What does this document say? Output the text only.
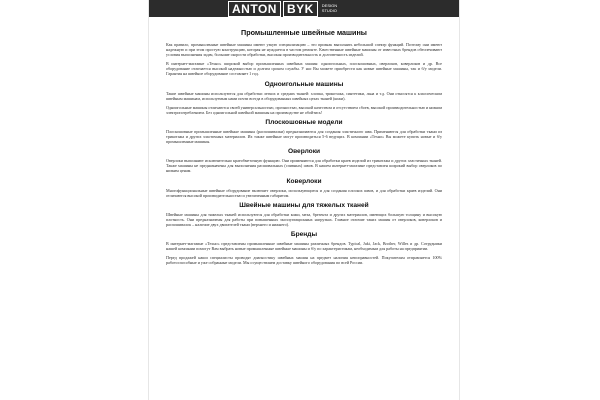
ANTON BYK	DESIGN
STUDIO
Промышленные швейные машины

Как правило, промышленные швейные машины имеют узкую специализацию – это признак выполнять небольшой спектр функций. Поэтому они имеют надежную и при этом простую конструкцию, которая не нуждается в частом ремонте. Качественные швейные машины от известных брендов обеспечивают условия выполнения задач, большие скорости обработки, высокая производительность и долговечность изделий.

В интернет-магазине «Техно» широкий выбор промышленных швейных машин: одноигольных, плоскошовных, оверлоков, коверлоков и др. Все оборудование отличается высокой надежностью и долгим сроком службы. У нас Вы можете приобрести как новые швейные машины, так и б/у модели. Гарантия на швейное оборудование составляет 1 год.

Одноигольные машины

Такие швейные машины используются для обработки легких и средних тканей: хлопка, трикотажа, синтетики, льна и т.д. Они относятся к классическим швейным машинам, используемым нами почти всегда в оборудованных швейных цехах тканей (кожи).

Одноигольные машины отличаются своей универсальностью, прочностью, высокой качеством и отсутствием сбоев, высокой производительностью и низким электропотреблением. Без одноигольной швейной машины на производстве не обойтись!

Плоскошовные модели

Плоскошовные промышленные швейные машины (распошивалки) предназначаются для создания эластичного шва. Применяются для обработки ткани из трикотажа и других эластичных материалов. Их также швейные могут производиться 5-6 ведущих. В компании «Техно» Вы можете купить новые и б/у промышленные машины.

Оверлоки

Оверлоки выполняют исключительно краеобметочную функцию. Они применяются для обработки краев изделий из трикотажа и других эластичных тканей. Также машины не предназначены для выполнения расшивальных (спивных) швов. В нашем интернет-магазине представлен широкий выбор оверлоков по низким ценам.

Коверлоки

Многофункциональные швейные оборудование включает оверлоки, использующиеся и для создания плоских швов, и для обработки краев изделий. Они отличаются высокой производительностью и увеличенным габаритом.

Швейные машины для тяжелых тканей

Швейные машины для тяжелых тканей используются для обработки кожи, меха, брезента и других материалов, имеющих большую толщину и высокую плотность. Они предназначены для работы при повышенных эксплуатационных нагрузках. Главное отличие таких машин от оверлоков, коверлоков и распошивалок – наличие двух двигателей ткани (верхнего и нижнего).

Бренды

В интернет-магазине «Техно» представлены промышленные швейные машины различных брендов. Typical, Juki, Jack, Brother, Willes и др. Сотрудники нашей компании помогут Вам выбрать новые промышленные швейные машины и б/у по характеристикам, необходимым для работы на предприятии.

Перед продажей наши специалисты проводят диагностику швейных машин на предмет наличия неисправностей. Покупателям отправляется 100% работоспособные и уже собранные модели. Мы осуществляем доставку швейного оборудования по всей России.
